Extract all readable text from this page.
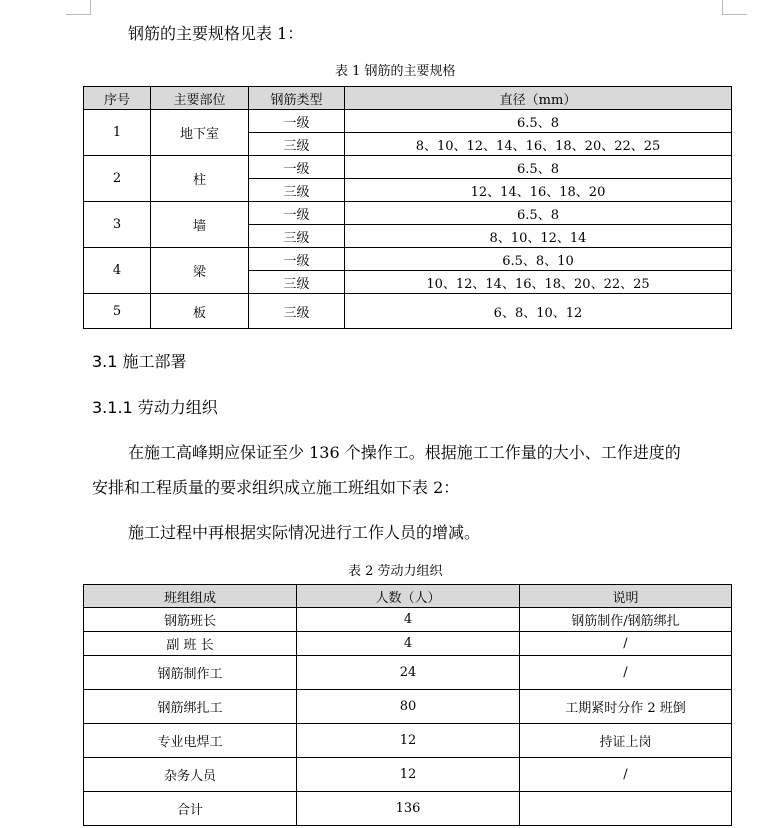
钢筋的主要规格见表 1：
表 1 钢筋的主要规格
序号	主要部位	钢筋类型	直径（mm）
1	地下室	一级	6.5、8
		三级	8、10、12、14、16、18、20、22、25
2	柱	一级	6.5、8
		三级	12、14、16、18、20
3	墙	一级	6.5、8
		三级	8、10、12、14
4	梁	一级	6.5、8、10
		三级	10、12、14、16、18、20、22、25
5	板	三级	6、8、10、12
3.1 施工部署
3.1.1 劳动力组织
在施工高峰期应保证至少 136 个操作工。根据施工工作量的大小、工作进度的
安排和工程质量的要求组织成立施工班组如下表 2：
施工过程中再根据实际情况进行工作人员的增减。
表 2 劳动力组织
班组组成	人数（人）	说明
钢筋班长	4	钢筋制作/钢筋绑扎
副 班 长	4	/
钢筋制作工	24	/
钢筋绑扎工	80	工期紧时分作 2 班倒
专业电焊工	12	持证上岗
杂务人员	12	/
合计	136	
